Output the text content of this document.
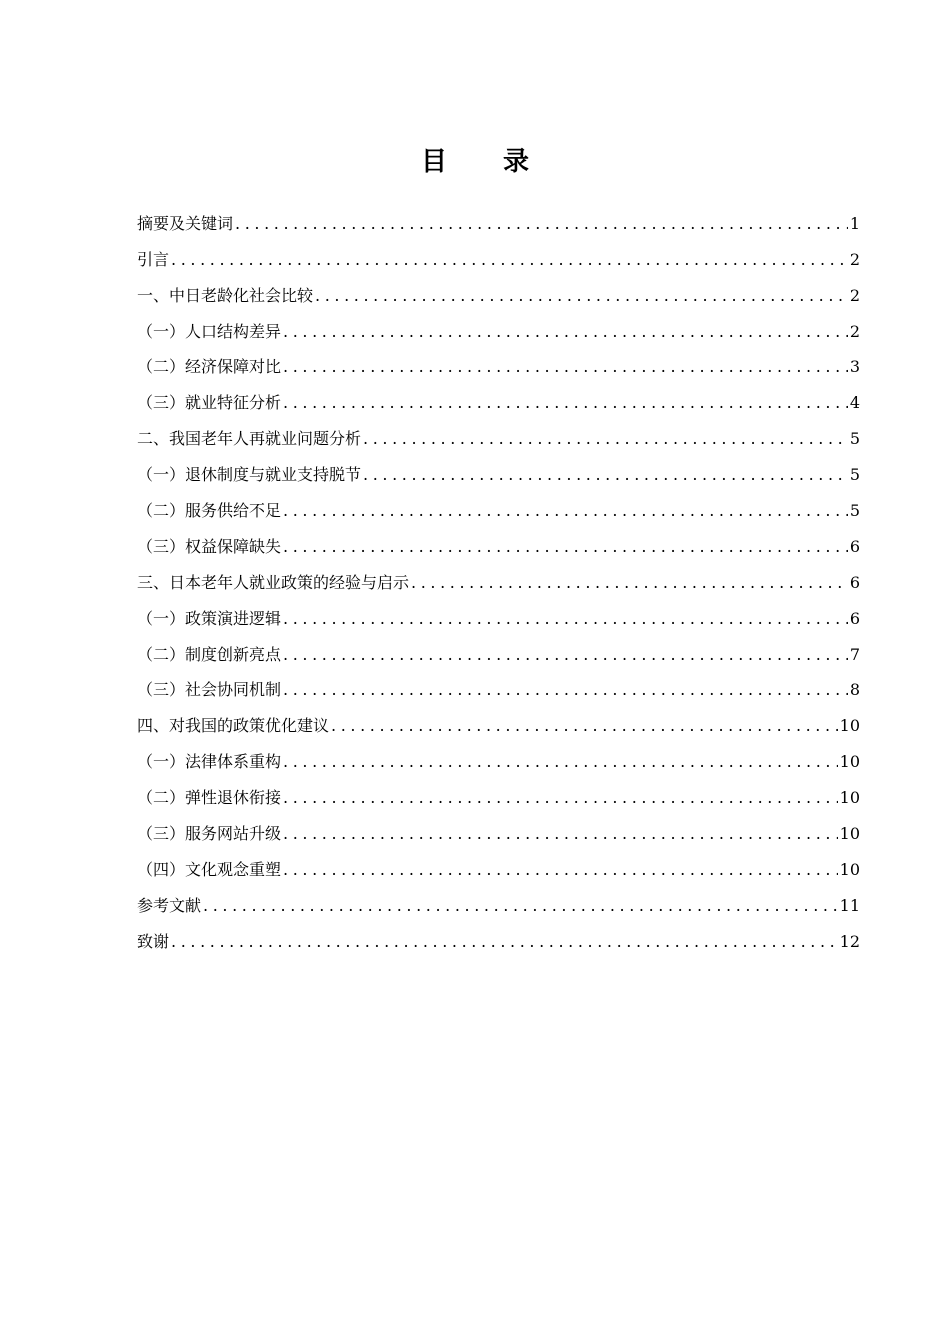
目录
摘要及关键词 .....	1
引言 .....	2
一、中日老龄化社会比较 .....	2
（一）人口结构差异 .....	2
（二）经济保障对比 .....	3
（三）就业特征分析 .....	4
二、我国老年人再就业问题分析 .....	5
（一）退休制度与就业支持脱节 .....	5
（二）服务供给不足 .....	5
（三）权益保障缺失 .....	6
三、日本老年人就业政策的经验与启示 .....	6
（一）政策演进逻辑 .....	6
（二）制度创新亮点 .....	7
（三）社会协同机制 .....	8
四、对我国的政策优化建议 .....	10
（一）法律体系重构 .....	10
（二）弹性退休衔接 .....	10
（三）服务网站升级 .....	10
（四）文化观念重塑 .....	10
参考文献 .....	11
致谢 .....	12
